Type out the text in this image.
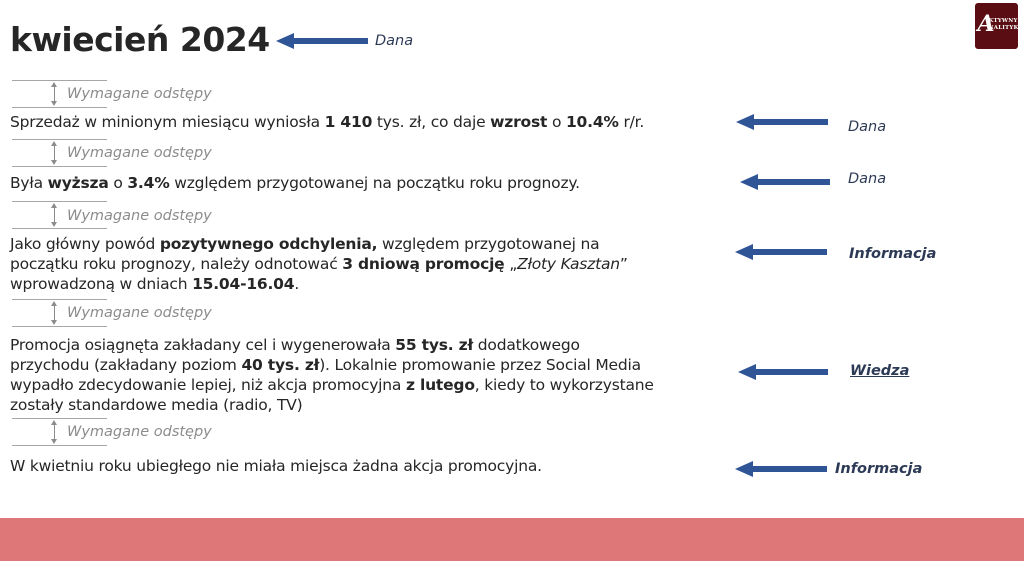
kwiecień 2024	Dana
A
KTYWNY
NALITYK
Wymagane odstępy
Sprzedaż w minionym miesiącu wyniosła 1 410 tys. zł, co daje wzrost o 10.4% r/r.	Dana
Wymagane odstępy
Była wyższa o 3.4% względem przygotowanej na początku roku prognozy.	Dana
Wymagane odstępy
Jako główny powód pozytywnego odchylenia, względem przygotowanej na
początku roku prognozy, należy odnotować 3 dniową promocję „Złoty Kasztan”
wprowadzoną w dniach 15.04-16.04.
Informacja
Wymagane odstępy
Promocja osiągnęta zakładany cel i wygenerowała 55 tys. zł dodatkowego
przychodu (zakładany poziom 40 tys. zł). Lokalnie promowanie przez Social Media
wypadło zdecydowanie lepiej, niż akcja promocyjna z lutego, kiedy to wykorzystane
zostały standardowe media (radio, TV)
Wiedza
Wymagane odstępy
W kwietniu roku ubiegłego nie miała miejsca żadna akcja promocyjna.	Informacja
